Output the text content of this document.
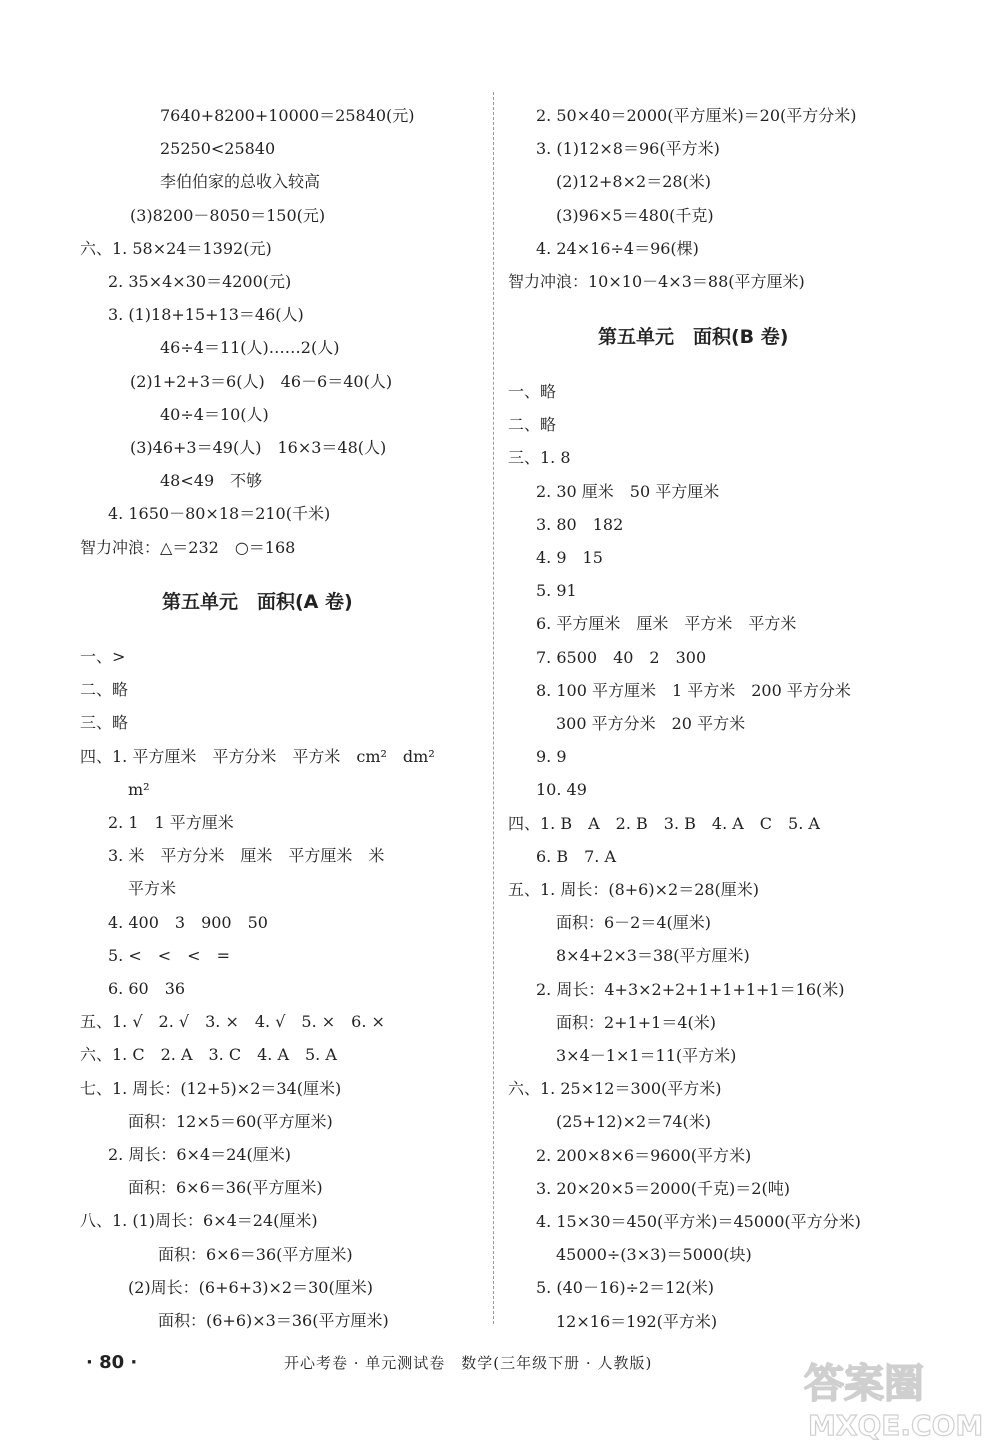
7640+8200+10000＝25840(元)
25250<25840
李伯伯家的总收入较高
(3)8200－8050＝150(元)
六、1. 58×24＝1392(元)
2. 35×4×30＝4200(元)
3. (1)18+15+13＝46(人)
46÷4＝11(人)……2(人)
(2)1+2+3＝6(人)　46－6＝40(人)
40÷4＝10(人)
(3)46+3＝49(人)　16×3＝48(人)
48<49　不够
4. 1650－80×18＝210(千米)
智力冲浪：△＝232　○＝168
第五单元　面积(A 卷)
一、>
二、略
三、略
四、1. 平方厘米　平方分米　平方米　cm²　dm²
m²
2. 1　1 平方厘米
3. 米　平方分米　厘米　平方厘米　米
平方米
4. 400　3　900　50
5. <　<　<　=
6. 60　36
五、1. √　2. √　3. ×　4. √　5. ×　6. ×
六、1. C　2. A　3. C　4. A　5. A
七、1. 周长：(12+5)×2＝34(厘米)
面积：12×5＝60(平方厘米)
2. 周长：6×4＝24(厘米)
面积：6×6＝36(平方厘米)
八、1. (1)周长：6×4＝24(厘米)
面积：6×6＝36(平方厘米)
(2)周长：(6+6+3)×2＝30(厘米)
面积：(6+6)×3＝36(平方厘米)
2. 50×40＝2000(平方厘米)＝20(平方分米)
3. (1)12×8＝96(平方米)
(2)12+8×2＝28(米)
(3)96×5＝480(千克)
4. 24×16÷4＝96(棵)
智力冲浪：10×10－4×3＝88(平方厘米)
第五单元　面积(B 卷)
一、略
二、略
三、1. 8
2. 30 厘米　50 平方厘米
3. 80　182
4. 9　15
5. 91
6. 平方厘米　厘米　平方米　平方米
7. 6500　40　2　300
8. 100 平方厘米　1 平方米　200 平方分米
300 平方分米　20 平方米
9. 9
10. 49
四、1. B　A　2. B　3. B　4. A　C　5. A
6. B　7. A
五、1. 周长：(8+6)×2＝28(厘米)
面积：6－2＝4(厘米)
8×4+2×3＝38(平方厘米)
2. 周长：4+3×2+2+1+1+1+1＝16(米)
面积：2+1+1＝4(米)
3×4－1×1＝11(平方米)
六、1. 25×12＝300(平方米)
(25+12)×2＝74(米)
2. 200×8×6＝9600(平方米)
3. 20×20×5＝2000(千克)＝2(吨)
4. 15×30＝450(平方米)＝45000(平方分米)
45000÷(3×3)＝5000(块)
5. (40－16)÷2＝12(米)
12×16＝192(平方米)
· 80 ·	开心考卷 · 单元测试卷　数学(三年级下册 · 人教版)	答案圈
MXQE.COM
